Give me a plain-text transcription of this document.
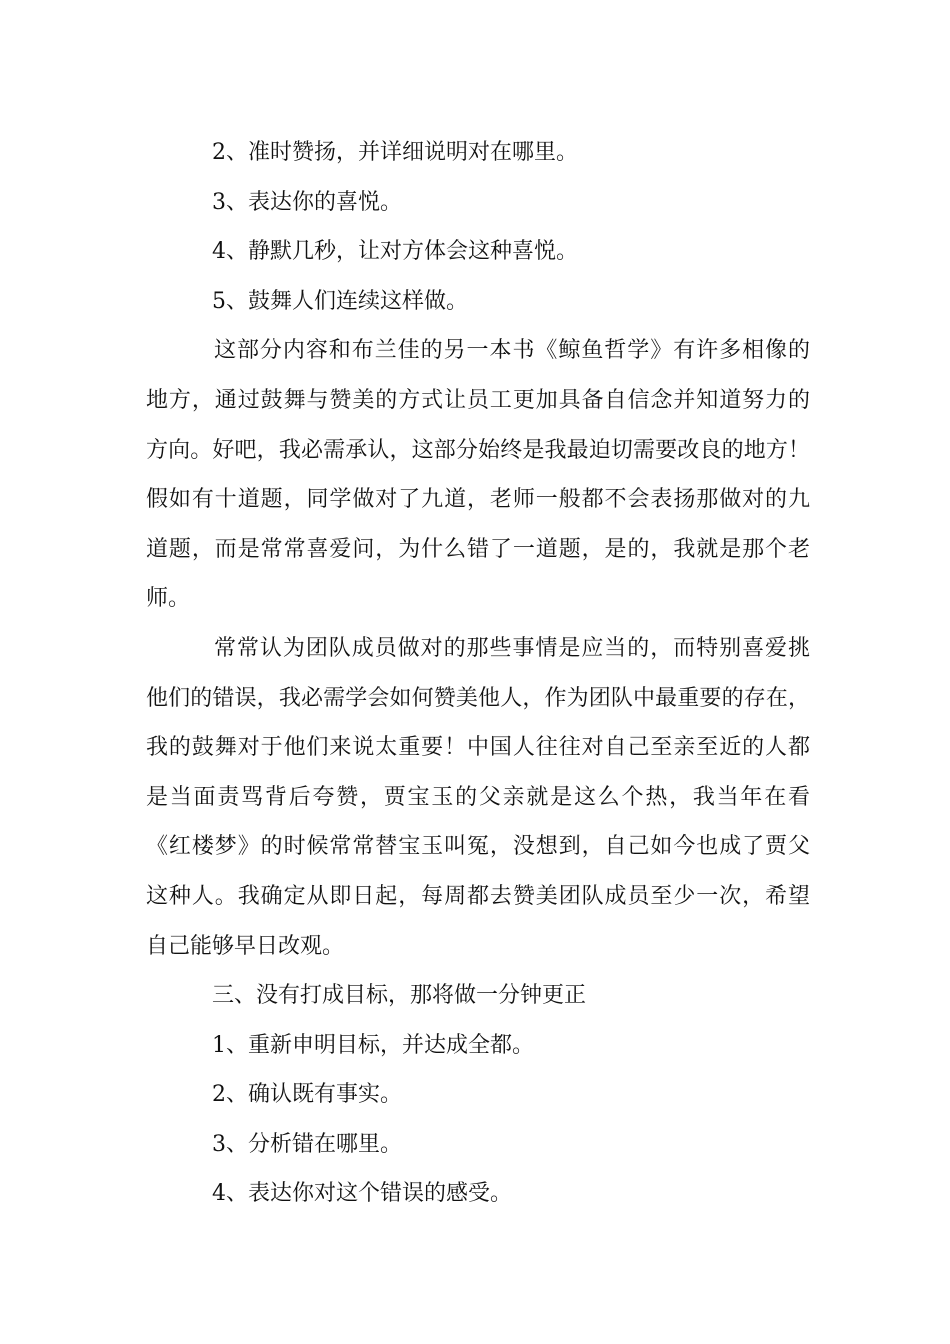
2、准时赞扬，并详细说明对在哪里。

3、表达你的喜悦。

4、静默几秒，让对方体会这种喜悦。

5、鼓舞人们连续这样做。

这部分内容和布兰佳的另一本书《鲸鱼哲学》有许多相像的

地方，通过鼓舞与赞美的方式让员工更加具备自信念并知道努力的

方向。好吧，我必需承认，这部分始终是我最迫切需要改良的地方！

假如有十道题，同学做对了九道，老师一般都不会表扬那做对的九

道题，而是常常喜爱问，为什么错了一道题，是的，我就是那个老

师。

常常认为团队成员做对的那些事情是应当的，而特别喜爱挑

他们的错误，我必需学会如何赞美他人，作为团队中最重要的存在，

我的鼓舞对于他们来说太重要！中国人往往对自己至亲至近的人都

是当面责骂背后夸赞，贾宝玉的父亲就是这么个热，我当年在看

《红楼梦》的时候常常替宝玉叫冤，没想到，自己如今也成了贾父

这种人。我确定从即日起，每周都去赞美团队成员至少一次，希望

自己能够早日改观。

三、没有打成目标，那将做一分钟更正

1、重新申明目标，并达成全都。

2、确认既有事实。

3、分析错在哪里。

4、表达你对这个错误的感受。
